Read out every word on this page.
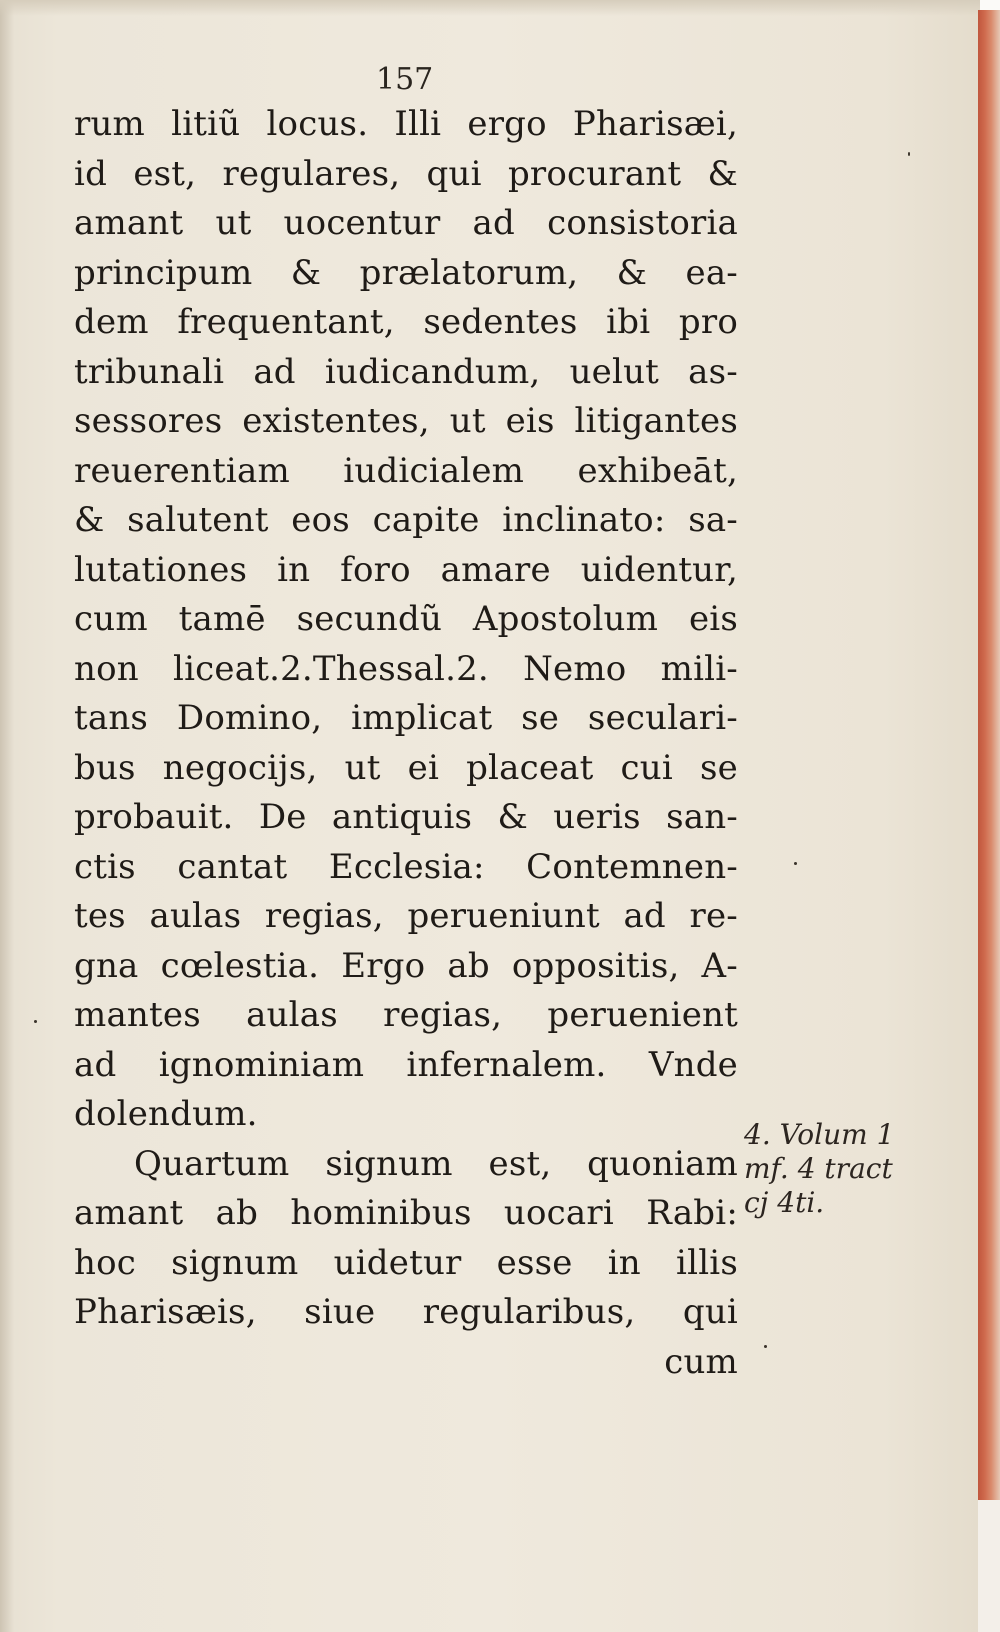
157
rum litiũ locus. Illi ergo Pharisæi,
id est, regulares, qui procurant &
amant ut uocentur ad consistoria
principum & prælatorum, & ea-
dem frequentant, sedentes ibi pro
tribunali ad iudicandum, uelut as-
sessores existentes, ut eis litigantes
reuerentiam iudicialem exhibeāt,
& salutent eos capite inclinato: sa-
lutationes in foro amare uidentur,
cum tamē secundũ Apostolum eis
non liceat.2.Thessal.2. Nemo mili-
tans Domino, implicat se seculari-
bus negocijs, ut ei placeat cui se
probauit. De antiquis & ueris san-
ctis cantat Ecclesia: Contemnen-
tes aulas regias, perueniunt ad re-
gna cœlestia. Ergo ab oppositis, A-
mantes aulas regias, peruenient
ad ignominiam infernalem. Vnde
dolendum.
Quartum signum est, quoniam
amant ab hominibus uocari Rabi:
hoc signum uidetur esse in illis
Pharisæis, siue regularibus, qui
cum
4. Volum 1
mf. 4 tract
cj 4ti.
